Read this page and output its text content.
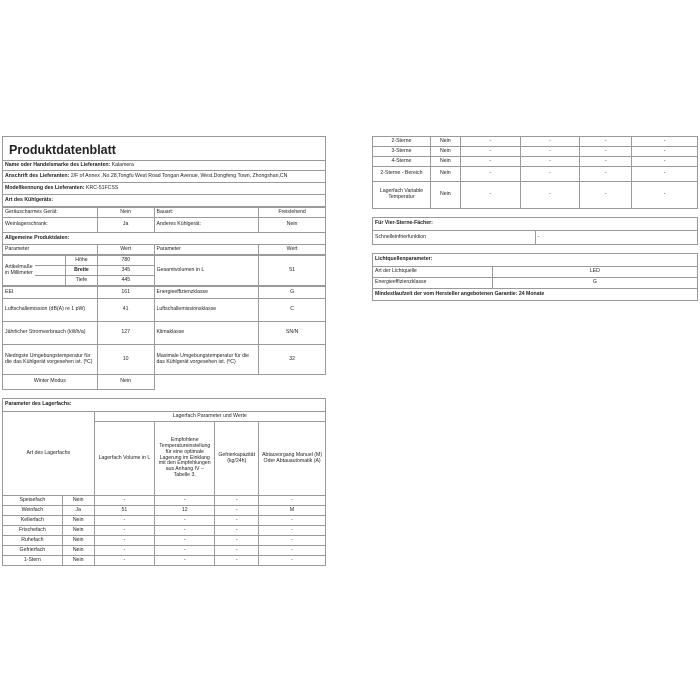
Produktdatenblatt
Name oder Handelsmarke des Lieferanten: Kalamera
Anschrift des Lieferanten: 2/F of Annex ,No.28,Tongfu West Road Tongan Avenue, West,Dongfeng Town, Zhongshan,CN
Modellkennung des Lieferanten: KRC-51FCSS
Art des Kühlgeräts:
Geräuscharmes Gerät:	Nein	Bauart:	Freistehend
Weinlagerschrank:	Ja	Anderes Kühlgerät:	Nein
Allgemeine Produktdaten:			
Parameter	Wert	Parameter	Wert
Artikelmaße in Millimeter		Höhe	780	Gesamtvolumen in L	51
		Breite	345		
		Tiefe	445		
EEI	161	Energieeffizienzklasse	G
Luftschallemission (dB(A) re 1 pW)	41	Luftschallemissionsklasse	C
Jährlicher Stromverbrauch (kWh/a)	127	Klimaklasse	SN/N
Niedrigste Umgebungstemperatur für die das Kühlgerät vorgesehen ist. (ºC)	10	Maximale Umgebungstemperatur für die das Kühlgerät vorgesehen ist. (ºC)	32
Winter Modus	Nein		
Parameter des Lagerfachs:					
Art des Lagerfachs		Lagerfach Parameter und Werte			
		Lagerfach Volume in L	Empfohlene Temperatureinstellung für eine optimale Lagerung im Einklang mit den Empfehlungen aus Anhang IV – Tabelle 3.	Gefrierkapazität (kg/24h)	Abtauvorgang Manuel (M) Oder Abtauautomatik (A)
Speisefach	Nein	-	-	-	-
Weinfach	Ja	51	12	-	M
Kellerfach	Nein	-	-	-	-
Frischefach	Nein	-	-	-	-
Ruhefach	Nein	-	-	-	-
Gefrierfach	Nein	-	-	-	-
1-Stern	Nein	-	-	-	-
2-Sterne	Nein	-	-	-	-
3-Sterne	Nein	-	-	-	-
4-Sterne	Nein	-	-	-	-
2-Sterne - Bereich	Nein	-	-	-	-
Lagerfach Variable Temperatur	Nein	-	-	-	-
Für Vier-Sterne-Fächer:
Schnelleinfrierfunktion	-
Lichtquellenparameter:	
Art der Lichtquelle	LED
Energieeffizienzklasse	G
Mindestlaufzeit der vom Hersteller angebotenen Garantie: 24 Monate	
